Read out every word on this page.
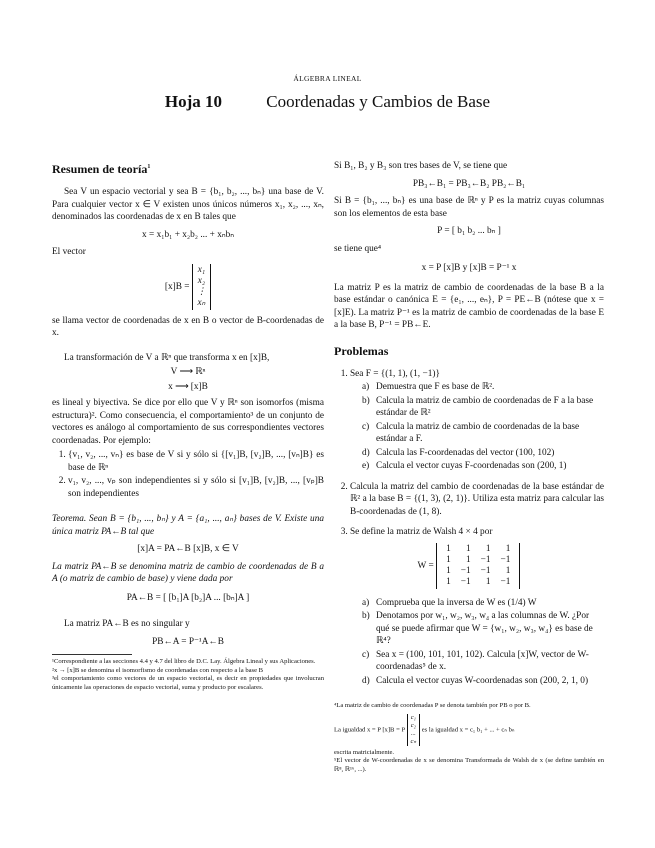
ÁLGEBRA LINEAL
Hoja 10	Coordenadas y Cambios de Base
Resumen de teoría$^1$

Sea V un espacio vectorial y sea B = {b₁, b₂, ..., bₙ} una base de V. Para cualquier vector x ∈ V existen unos únicos números x₁, x₂, ..., xₙ, denominados las coordenadas de x en B tales que

x = x₁b₁ + x₂b₂ ... + xₙbₙ

El vector

[x]B =
x₁
x₂
⋮
xₙ

se llama vector de coordenadas de x en B o vector de B-coordenadas de x.

La transformación de V a ℝⁿ que transforma x en [x]B,

V ⟶ ℝⁿ

x ⟶ [x]B

es lineal y biyectiva. Se dice por ello que V y ℝⁿ son isomorfos (misma estructura)². Como consecuencia, el comportamiento³ de un conjunto de vectores es análogo al comportamiento de sus correspondientes vectores coordenadas. Por ejemplo:

1. {v₁, v₂, ..., vₙ} es base de V si y sólo si {[v₁]B, [v₂]B, ..., [vₙ]B} es base de ℝⁿ
2. v₁, v₂, ..., vₚ son independientes si y sólo si [v₁]B, [v₂]B, ..., [vₚ]B son independientes

Teorema. Sean B = {b₁, ..., bₙ} y A = {a₁, ..., aₙ} bases de V. Existe una única matriz PA←B tal que

[x]A = PA←B [x]B, x ∈ V

La matriz PA←B se denomina matriz de cambio de coordenadas de B a A (o matriz de cambio de base) y viene dada por

PA←B = [ [b₁]A [b₂]A ... [bₙ]A ]

La matriz PA←B es no singular y

PB←A = P⁻¹A←B

¹Correspondiente a las secciones 4.4 y 4.7 del libro de D.C. Lay. Álgebra Lineal y sus Aplicaciones.

²x → [x]B se denomina el isomorfismo de coordenadas con respecto a la base B

³el comportamiento como vectores de un espacio vectorial, es decir en propiedades que involucran únicamente las operaciones de espacio vectorial, suma y producto por escalares.

Si B₁, B₂ y B₃ son tres bases de V, se tiene que

PB₃←B₁ = PB₃←B₂ PB₂←B₁

Si B = {b₁, ..., bₙ} es una base de ℝⁿ y P es la matriz cuyas columnas son los elementos de esta base

P = [ b₁ b₂ ... bₙ ]

se tiene que⁴

x = P [x]B y [x]B = P⁻¹ x

La matriz P es la matriz de cambio de coordenadas de la base B a la base estándar o canónica E = {e₁, ..., eₙ}, P = PE←B (nótese que x = [x]E). La matriz P⁻¹ es la matriz de cambio de coordenadas de la base E a la base B, P⁻¹ = PB←E.

Problemas
1. Sea F = {(1, 1), (1, −1)}
a) Demuestra que F es base de ℝ².
b) Calcula la matriz de cambio de coordenadas de F a la base estándar de ℝ²
c) Calcula la matriz de cambio de coordenadas de la base estándar a F.
d) Calcula las F-coordenadas del vector (100, 102)
e) Calcula el vector cuyas F-coordenadas son (200, 1)
2. Calcula la matriz del cambio de coordenadas de la base estándar de ℝ² a la base B = {(1, 3), (2, 1)}. Utiliza esta matriz para calcular las B-coordenadas de (1, 8).
3. Se define la matriz de Walsh 4 × 4 por
W =
1	1	1	1
1	1	−1	−1
1	−1	−1	1
1	−1	1	−1
a) Comprueba que la inversa de W es (1/4) W
b) Denotamos por w₁, w₂, w₃, w₄ a las columnas de W. ¿Por qué se puede afirmar que W = {w₁, w₂, w₃, w₄} es base de ℝ⁴?
c) Sea x = (100, 101, 101, 102). Calcula [x]W, vector de W-coordenadas⁵ de x.
d) Calcula el vector cuyas W-coordenadas son (200, 2, 1, 0)

⁴La matriz de cambio de coordenadas P se denota también por PB o por B.

La igualdad x = P [x]B = P
c₁
c₂
...
cₙ
es la igualdad x = c₁ b₁ + ... + cₙ bₙ

escrita matricialmente.

⁵El vector de W-coordenadas de x se denomina Transformada de Walsh de x (se define también en ℝ⁸, ℝ¹⁶, ...).
